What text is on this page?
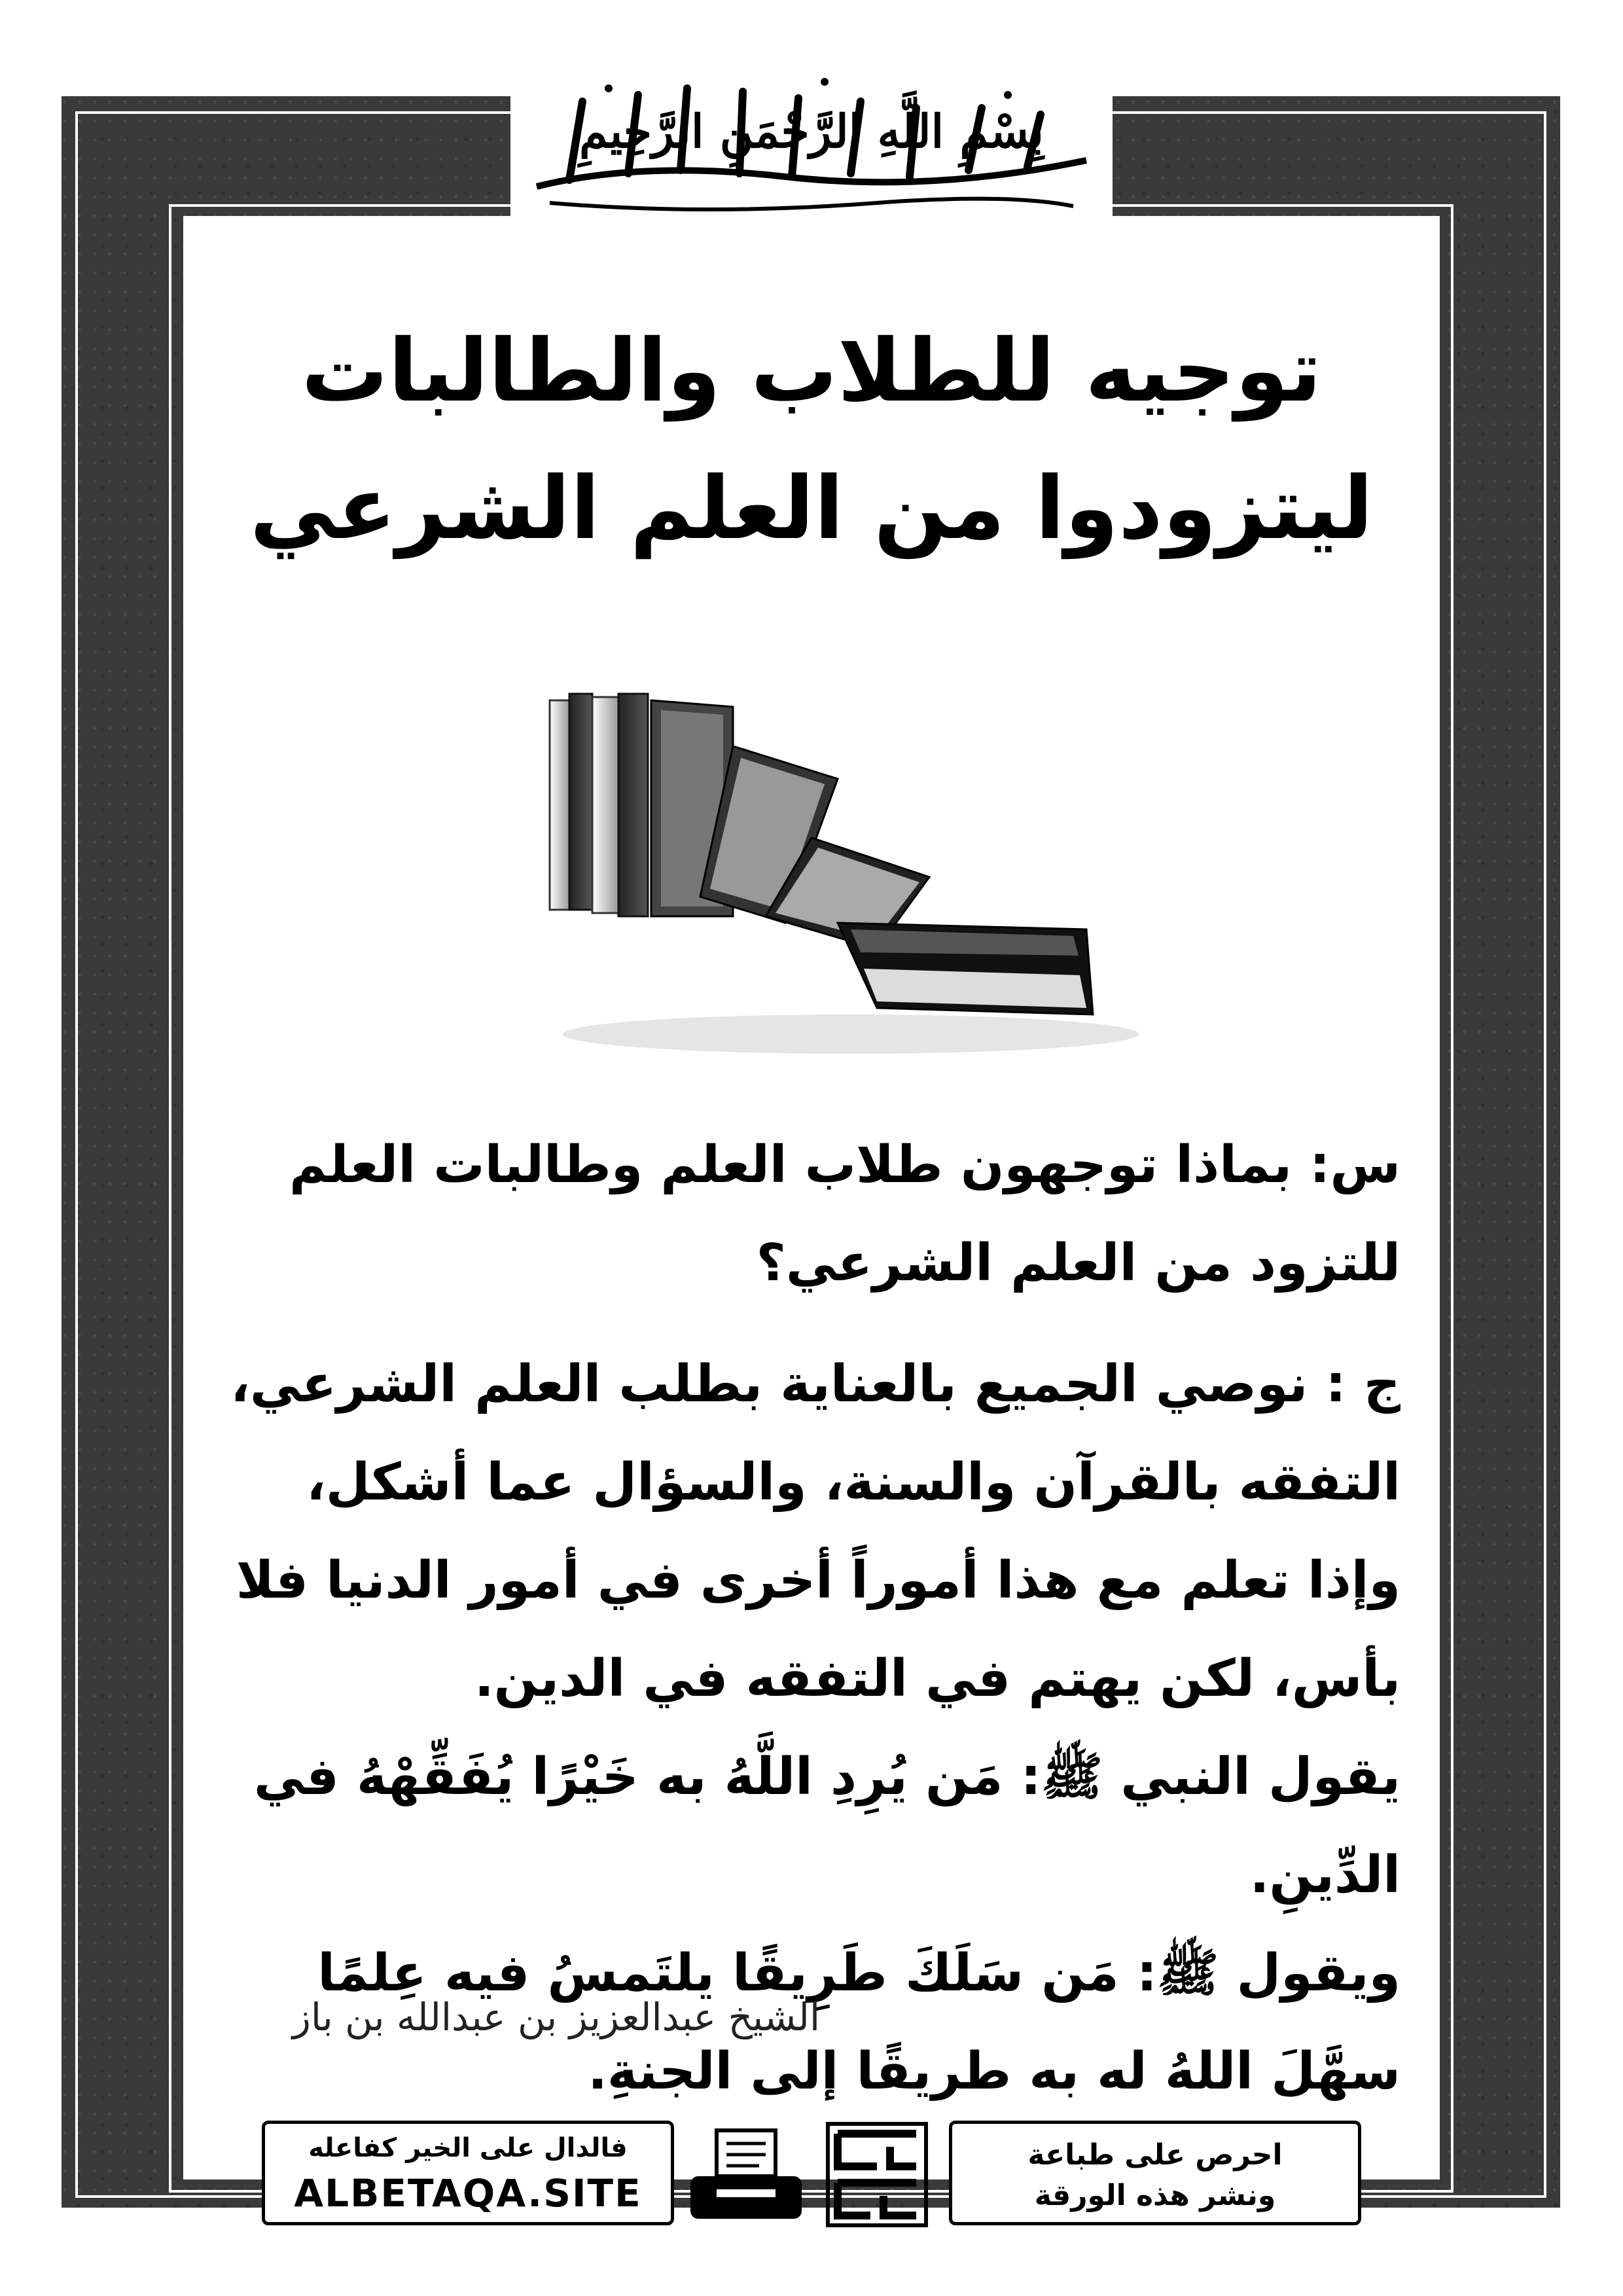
بِسْمِ اللَّهِ الرَّحْمَنِ الرَّحِيمِ
توجيه للطلاب والطالبات
ليتزودوا من العلم الشرعي
س: بماذا توجهون طلاب العلم وطالبات العلم للتزود من العلم الشرعي؟
ج : نوصي الجميع بالعناية بطلب العلم الشرعي، التفقه بالقرآن والسنة، والسؤال عما أشكل، وإذا تعلم مع هذا أموراً أخرى في أمور الدنيا فلا بأس، لكن يهتم في التفقه في الدين.
يقول النبي ﷺ: مَن يُرِدِ اللَّهُ به خَيْرًا يُفَقِّهْهُ في الدِّينِ.
ويقول ﷺ: مَن سَلَكَ طَرِيقًا يلتَمسُ فيه عِلمًا سهَّلَ اللهُ له به طريقًا إلى الجنةِ.
الشيخ عبدالعزيز بن عبدالله بن باز
فالدال على الخير كفاعله
ALBETAQA.SITE
احرص على طباعة
ونشر هذه الورقة
